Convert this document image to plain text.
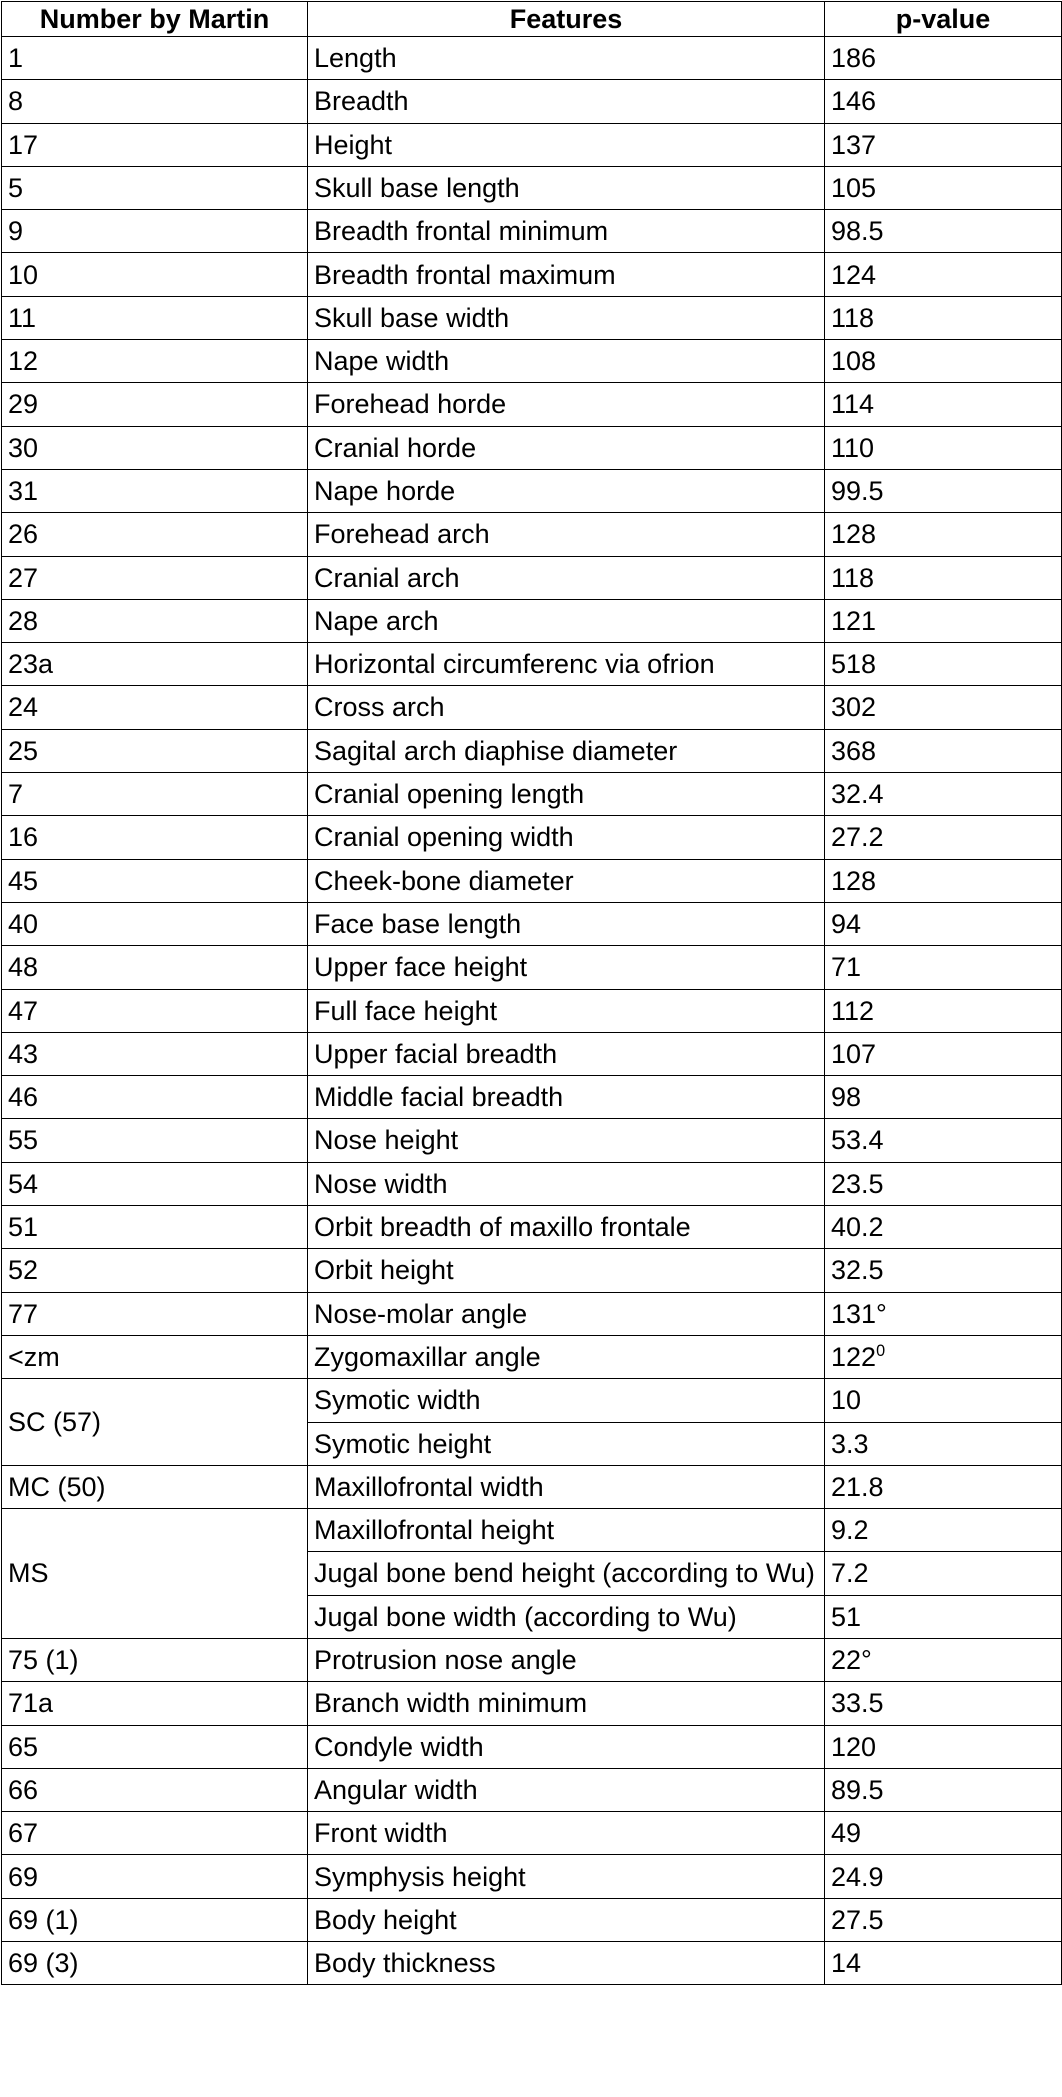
Number by Martin	Features	p-value
1	Length	186
8	Breadth	146
17	Height	137
5	Skull base length	105
9	Breadth frontal minimum	98.5
10	Breadth frontal maximum	124
11	Skull base width	118
12	Nape width	108
29	Forehead horde	114
30	Cranial horde	110
31	Nape horde	99.5
26	Forehead arch	128
27	Cranial arch	118
28	Nape arch	121
23a	Horizontal circumferenc via ofrion	518
24	Cross arch	302
25	Sagital arch diaphise diameter	368
7	Cranial opening length	32.4
16	Cranial opening width	27.2
45	Cheek-bone diameter	128
40	Face base length	94
48	Upper face height	71
47	Full face height	112
43	Upper facial breadth	107
46	Middle facial breadth	98
55	Nose height	53.4
54	Nose width	23.5
51	Orbit breadth of maxillo frontale	40.2
52	Orbit height	32.5
77	Nose-molar angle	131°
<zm	Zygomaxillar angle	$122^0$
SC (57)	Symotic width	10
	Symotic height	3.3
MC (50)	Maxillofrontal width	21.8
MS	Maxillofrontal height	9.2
	Jugal bone bend height (according to Wu)	7.2
	Jugal bone width (according to Wu)	51
75 (1)	Protrusion nose angle	22°
71a	Branch width minimum	33.5
65	Condyle width	120
66	Angular width	89.5
67	Front width	49
69	Symphysis height	24.9
69 (1)	Body height	27.5
69 (3)	Body thickness	14
